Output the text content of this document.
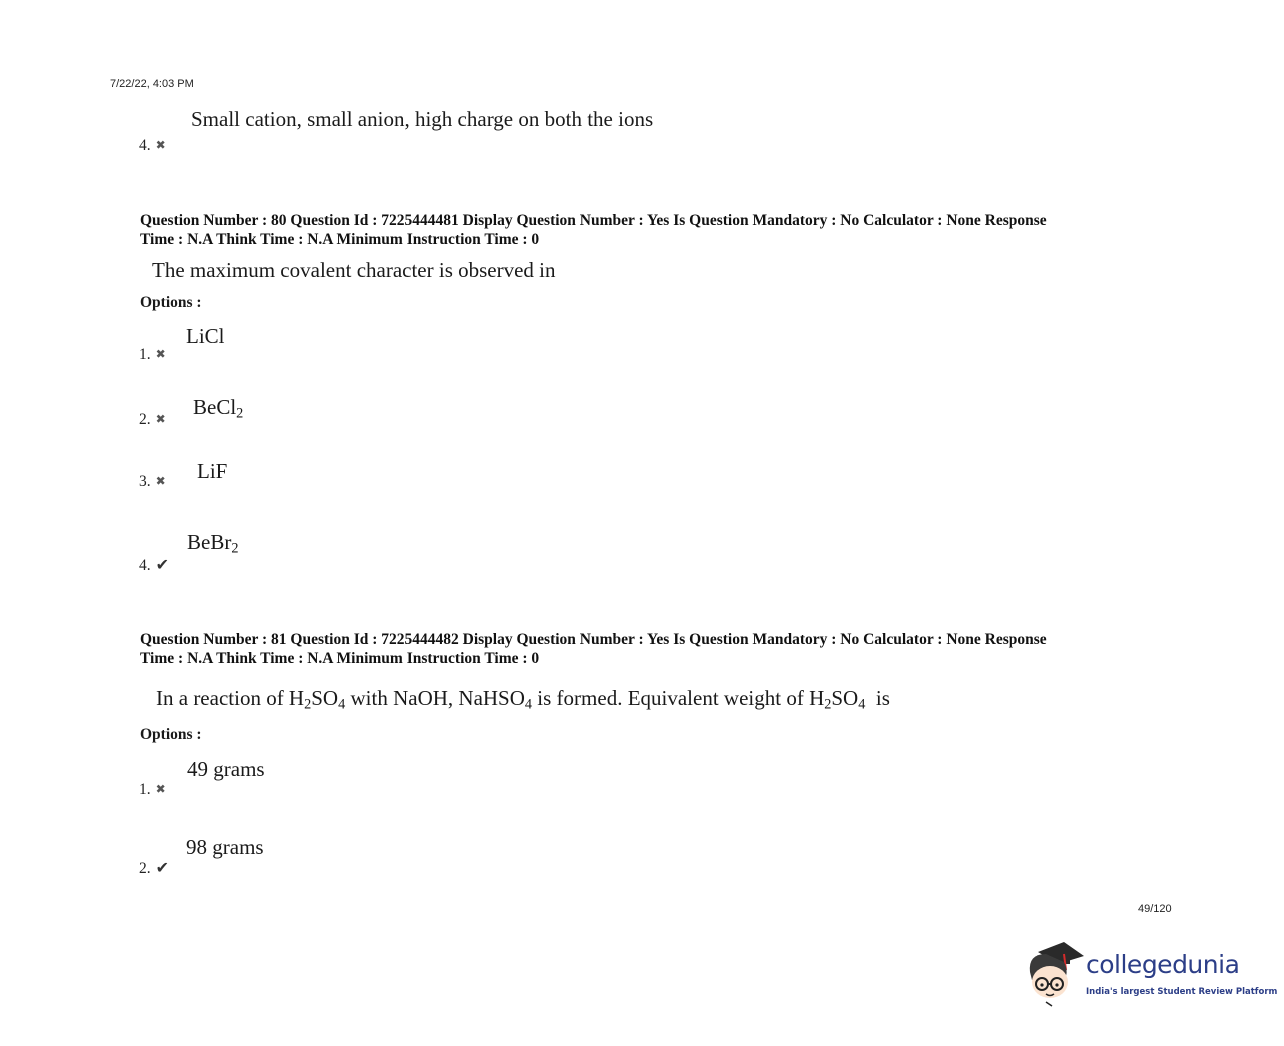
7/22/22, 4:03 PM
Small cation, small anion, high charge on both the ions
4. ✖
Question Number : 80 Question Id : 7225444481 Display Question Number : Yes Is Question Mandatory : No Calculator : None Response
Time : N.A Think Time : N.A Minimum Instruction Time : 0
The maximum covalent character is observed in
Options :
LiCl
1. ✖
BeCl$_2$
2. ✖
LiF
3. ✖
BeBr$_2$
4. ✔
Question Number : 81 Question Id : 7225444482 Display Question Number : Yes Is Question Mandatory : No Calculator : None Response
Time : N.A Think Time : N.A Minimum Instruction Time : 0
In a reaction of $H_2SO_4$ with NaOH, NaHSO$_4$ is formed. Equivalent weight of $H_2SO_4$  is
Options :
49 grams
1. ✖
98 grams
2. ✔
49/120
collegedunia
India's largest Student Review Platform
